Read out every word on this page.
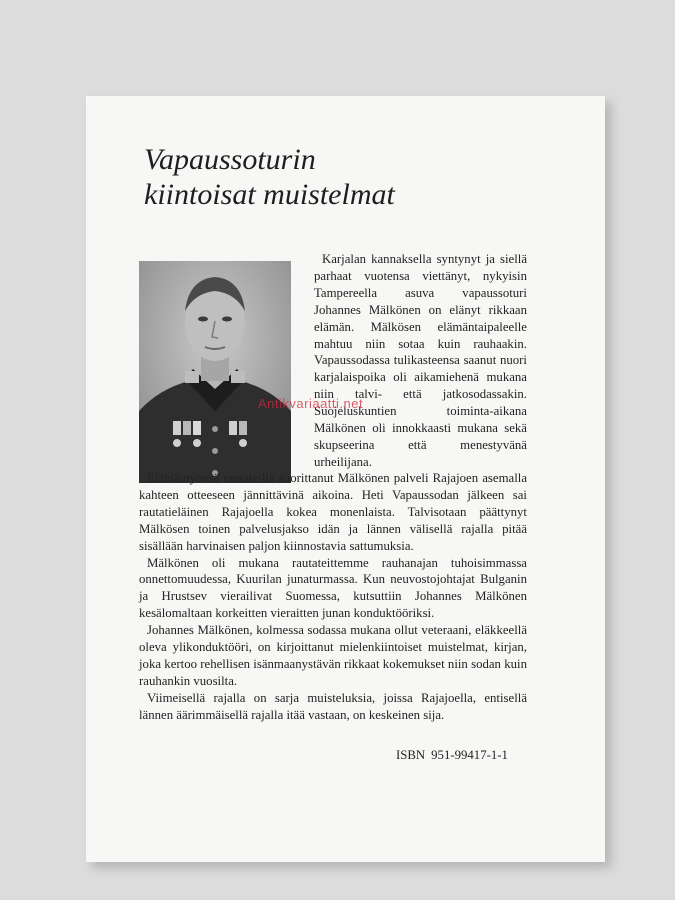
Vapaussoturin
kiintoisat muistelmat

Karjalan kannaksella syntynyt ja siellä parhaat vuotensa viettänyt, nykyisin Tampereella asuva vapaussoturi Johannes Mälkönen on elänyt rikkaan elämän. Mälkösen elämäntaipaleelle mahtuu niin sotaa kuin rauhaakin. Vapaussodassa tulikasteensa saanut nuori karjalaispoika oli aikamiehenä mukana niin talvi- että jatkosodassakin. Suojeluskuntien toiminta-aikana Mälkönen oli innokkaasti mukana sekä skupseerina että menestyvänä urheilijana.

Elämäntyönsä rautateillä suorittanut Mälkönen palveli Rajajoen asemalla kahteen otteeseen jännittävinä aikoina. Heti Vapaussodan jälkeen sai rautatieläinen Rajajoella kokea monenlaista. Talvisotaan päättynyt Mälkösen toinen palvelusjakso idän ja lännen välisellä rajalla pitää sisällään harvinaisen paljon kiinnostavia sattumuksia.

Mälkönen oli mukana rautateittemme rauhanajan tuhoisimmassa onnettomuudessa, Kuurilan junaturmassa. Kun neuvostojohtajat Bulganin ja Hrustsev vierailivat Suomessa, kutsuttiin Johannes Mälkönen kesälomaltaan korkeitten vieraitten junan konduktööriksi.

Johannes Mälkönen, kolmessa sodassa mukana ollut veteraani, eläkkeellä oleva ylikonduktööri, on kirjoittanut mielenkiintoiset muistelmat, kirjan, joka kertoo rehellisen isänmaanystävän rikkaat kokemukset niin sodan kuin rauhankin vuosilta.

Viimeisellä rajalla on sarja muisteluksia, joissa Rajajoella, entisellä lännen äärimmäisellä rajalla itää vastaan, on keskeinen sija.

ISBN 951-99417-1-1
Antikvariaatti.net
